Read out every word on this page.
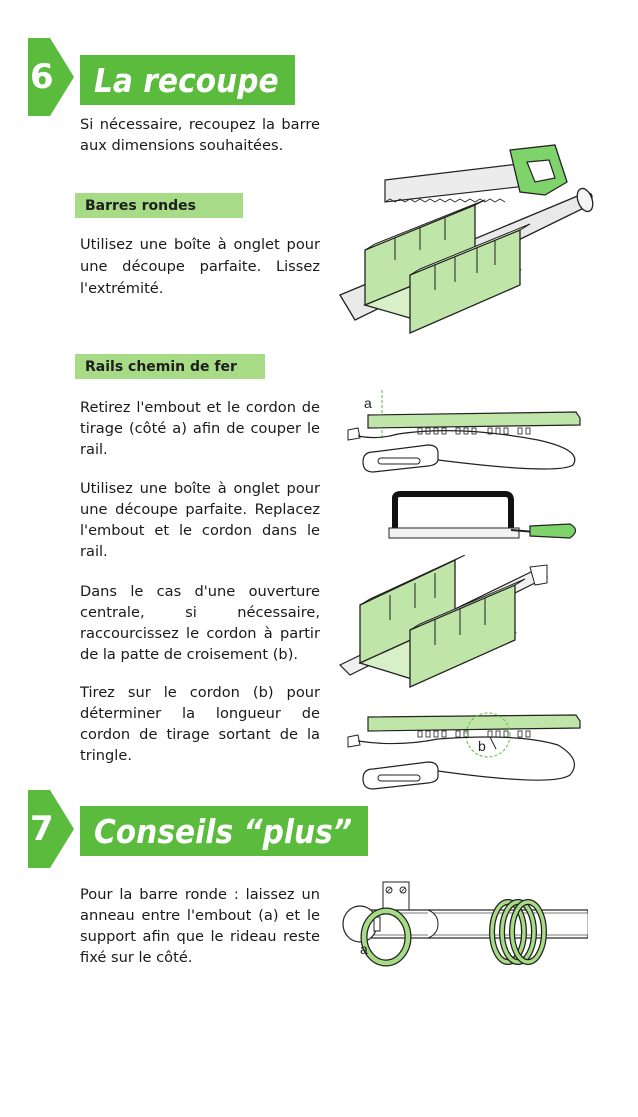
6	La recoupe

Si nécessaire, recoupez la barre aux dimensions souhaitées.

Barres rondes

Utilisez une boîte à onglet pour une découpe parfaite. Lissez l'extrémité.

Rails chemin de fer

Retirez l'embout et le cordon de tirage (côté a) afin de couper le rail.

Utilisez une boîte à onglet pour une découpe parfaite. Replacez l'embout et le cordon dans le rail.

Dans le cas d'une ouverture centrale, si nécessaire, raccourcissez le cordon à partir de la patte de croisement (b).

Tirez sur le cordon (b) pour déterminer la longueur de cordon de tirage sortant de la tringle.

a
b
7	Conseils “plus”

Pour la barre ronde : laissez un anneau entre l'embout (a) et le support afin que le rideau reste fixé sur le côté.	a
